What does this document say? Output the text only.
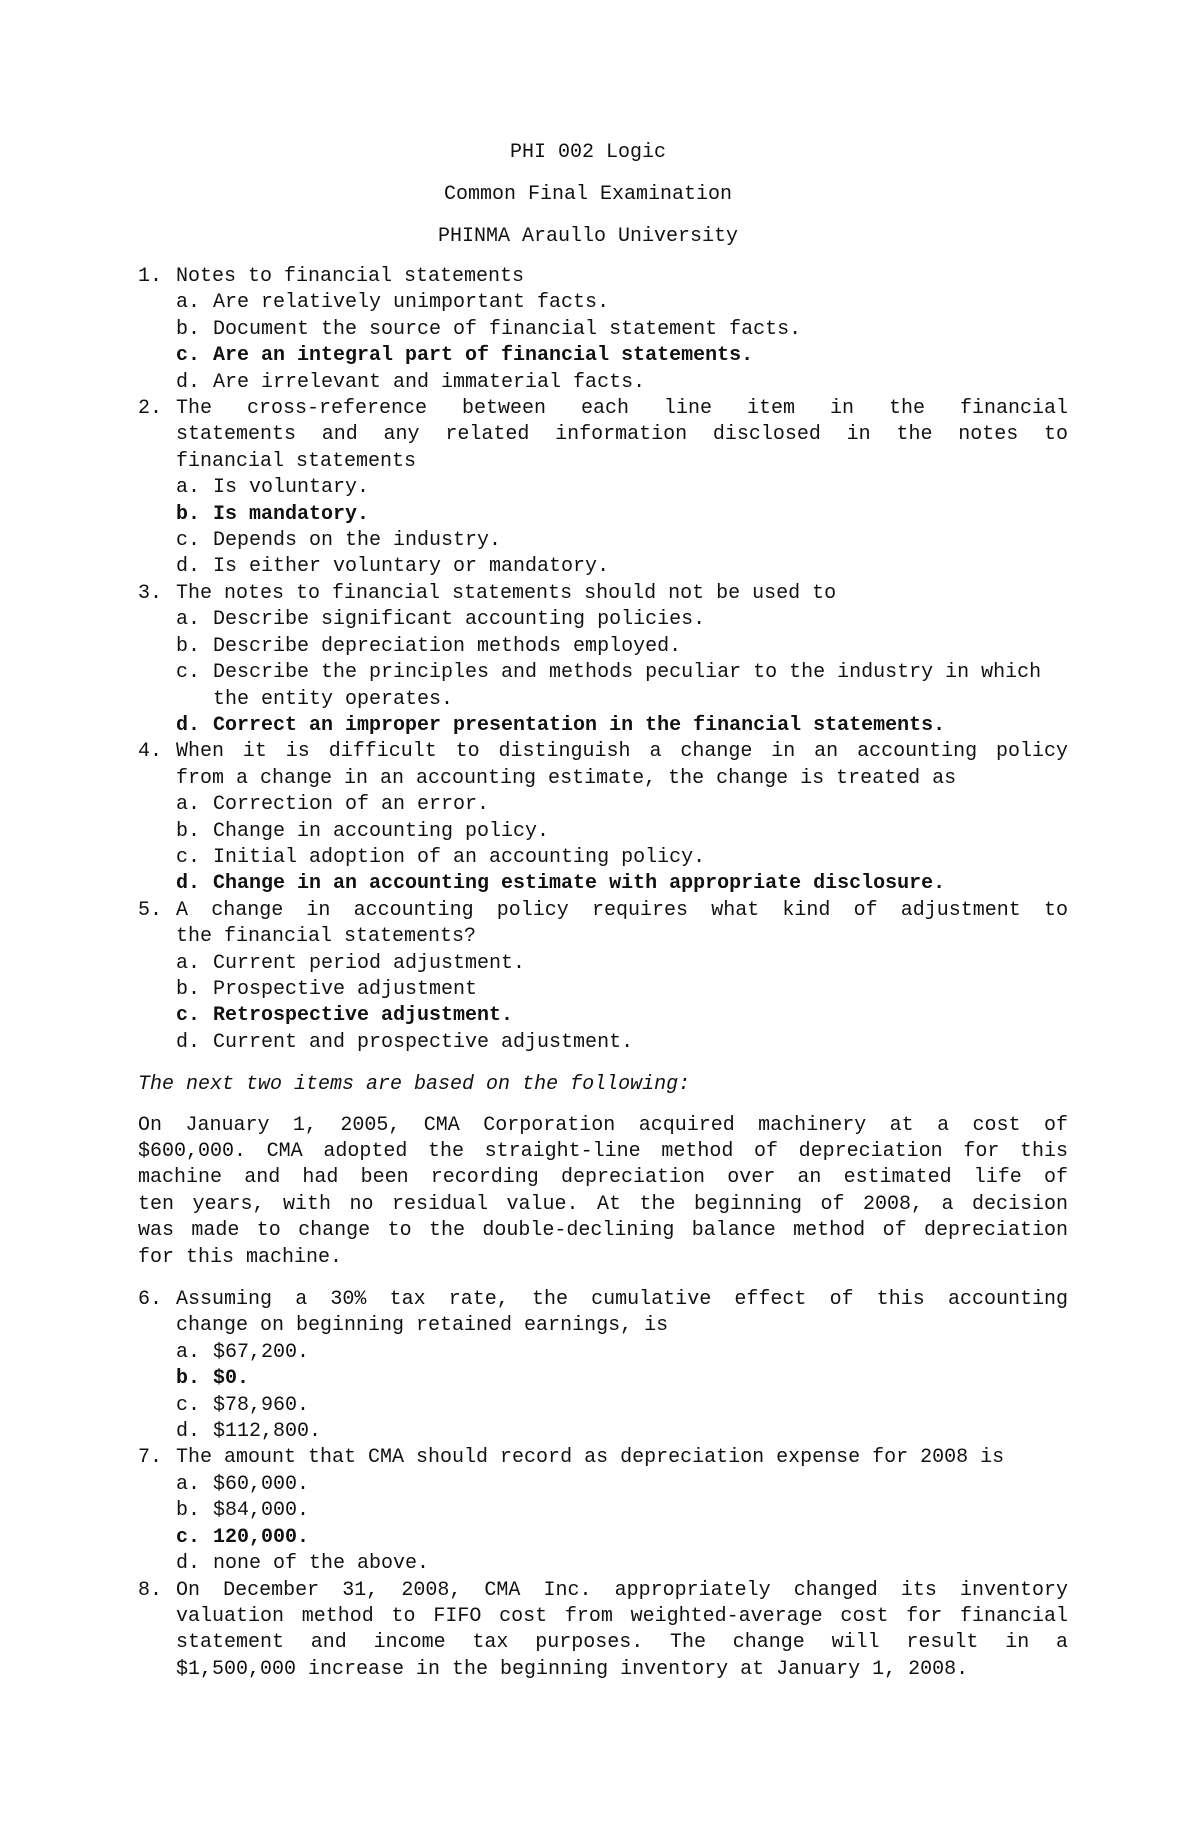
PHI 002 Logic
Common Final Examination
PHINMA Araullo University
1. Notes to financial statements
a. Are relatively unimportant facts.
b. Document the source of financial statement facts.
c. Are an integral part of financial statements.
d. Are irrelevant and immaterial facts.
2. The cross-reference between each line item in the financial
statements and any related information disclosed in the notes to
financial statements
a. Is voluntary.
b. Is mandatory.
c. Depends on the industry.
d. Is either voluntary or mandatory.
3. The notes to financial statements should not be used to
a. Describe significant accounting policies.
b. Describe depreciation methods employed.
c. Describe the principles and methods peculiar to the industry in which the entity operates.
d. Correct an improper presentation in the financial statements.
4. When it is difficult to distinguish a change in an accounting policy
from a change in an accounting estimate, the change is treated as
a. Correction of an error.
b. Change in accounting policy.
c. Initial adoption of an accounting policy.
d. Change in an accounting estimate with appropriate disclosure.
5. A change in accounting policy requires what kind of adjustment to
the financial statements?
a. Current period adjustment.
b. Prospective adjustment
c. Retrospective adjustment.
d. Current and prospective adjustment.
The next two items are based on the following:
On January 1, 2005, CMA Corporation acquired machinery at a cost of
$600,000. CMA adopted the straight-line method of depreciation for this
machine and had been recording depreciation over an estimated life of
ten years, with no residual value. At the beginning of 2008, a decision
was made to change to the double-declining balance method of depreciation
for this machine.
6. Assuming a 30% tax rate, the cumulative effect of this accounting
change on beginning retained earnings, is
a. $67,200.
b. $0.
c. $78,960.
d. $112,800.
7. The amount that CMA should record as depreciation expense for 2008 is
a. $60,000.
b. $84,000.
c. 120,000.
d. none of the above.
8. On December 31, 2008, CMA Inc. appropriately changed its inventory
valuation method to FIFO cost from weighted-average cost for financial
statement and income tax purposes. The change will result in a
$1,500,000 increase in the beginning inventory at January 1, 2008.
